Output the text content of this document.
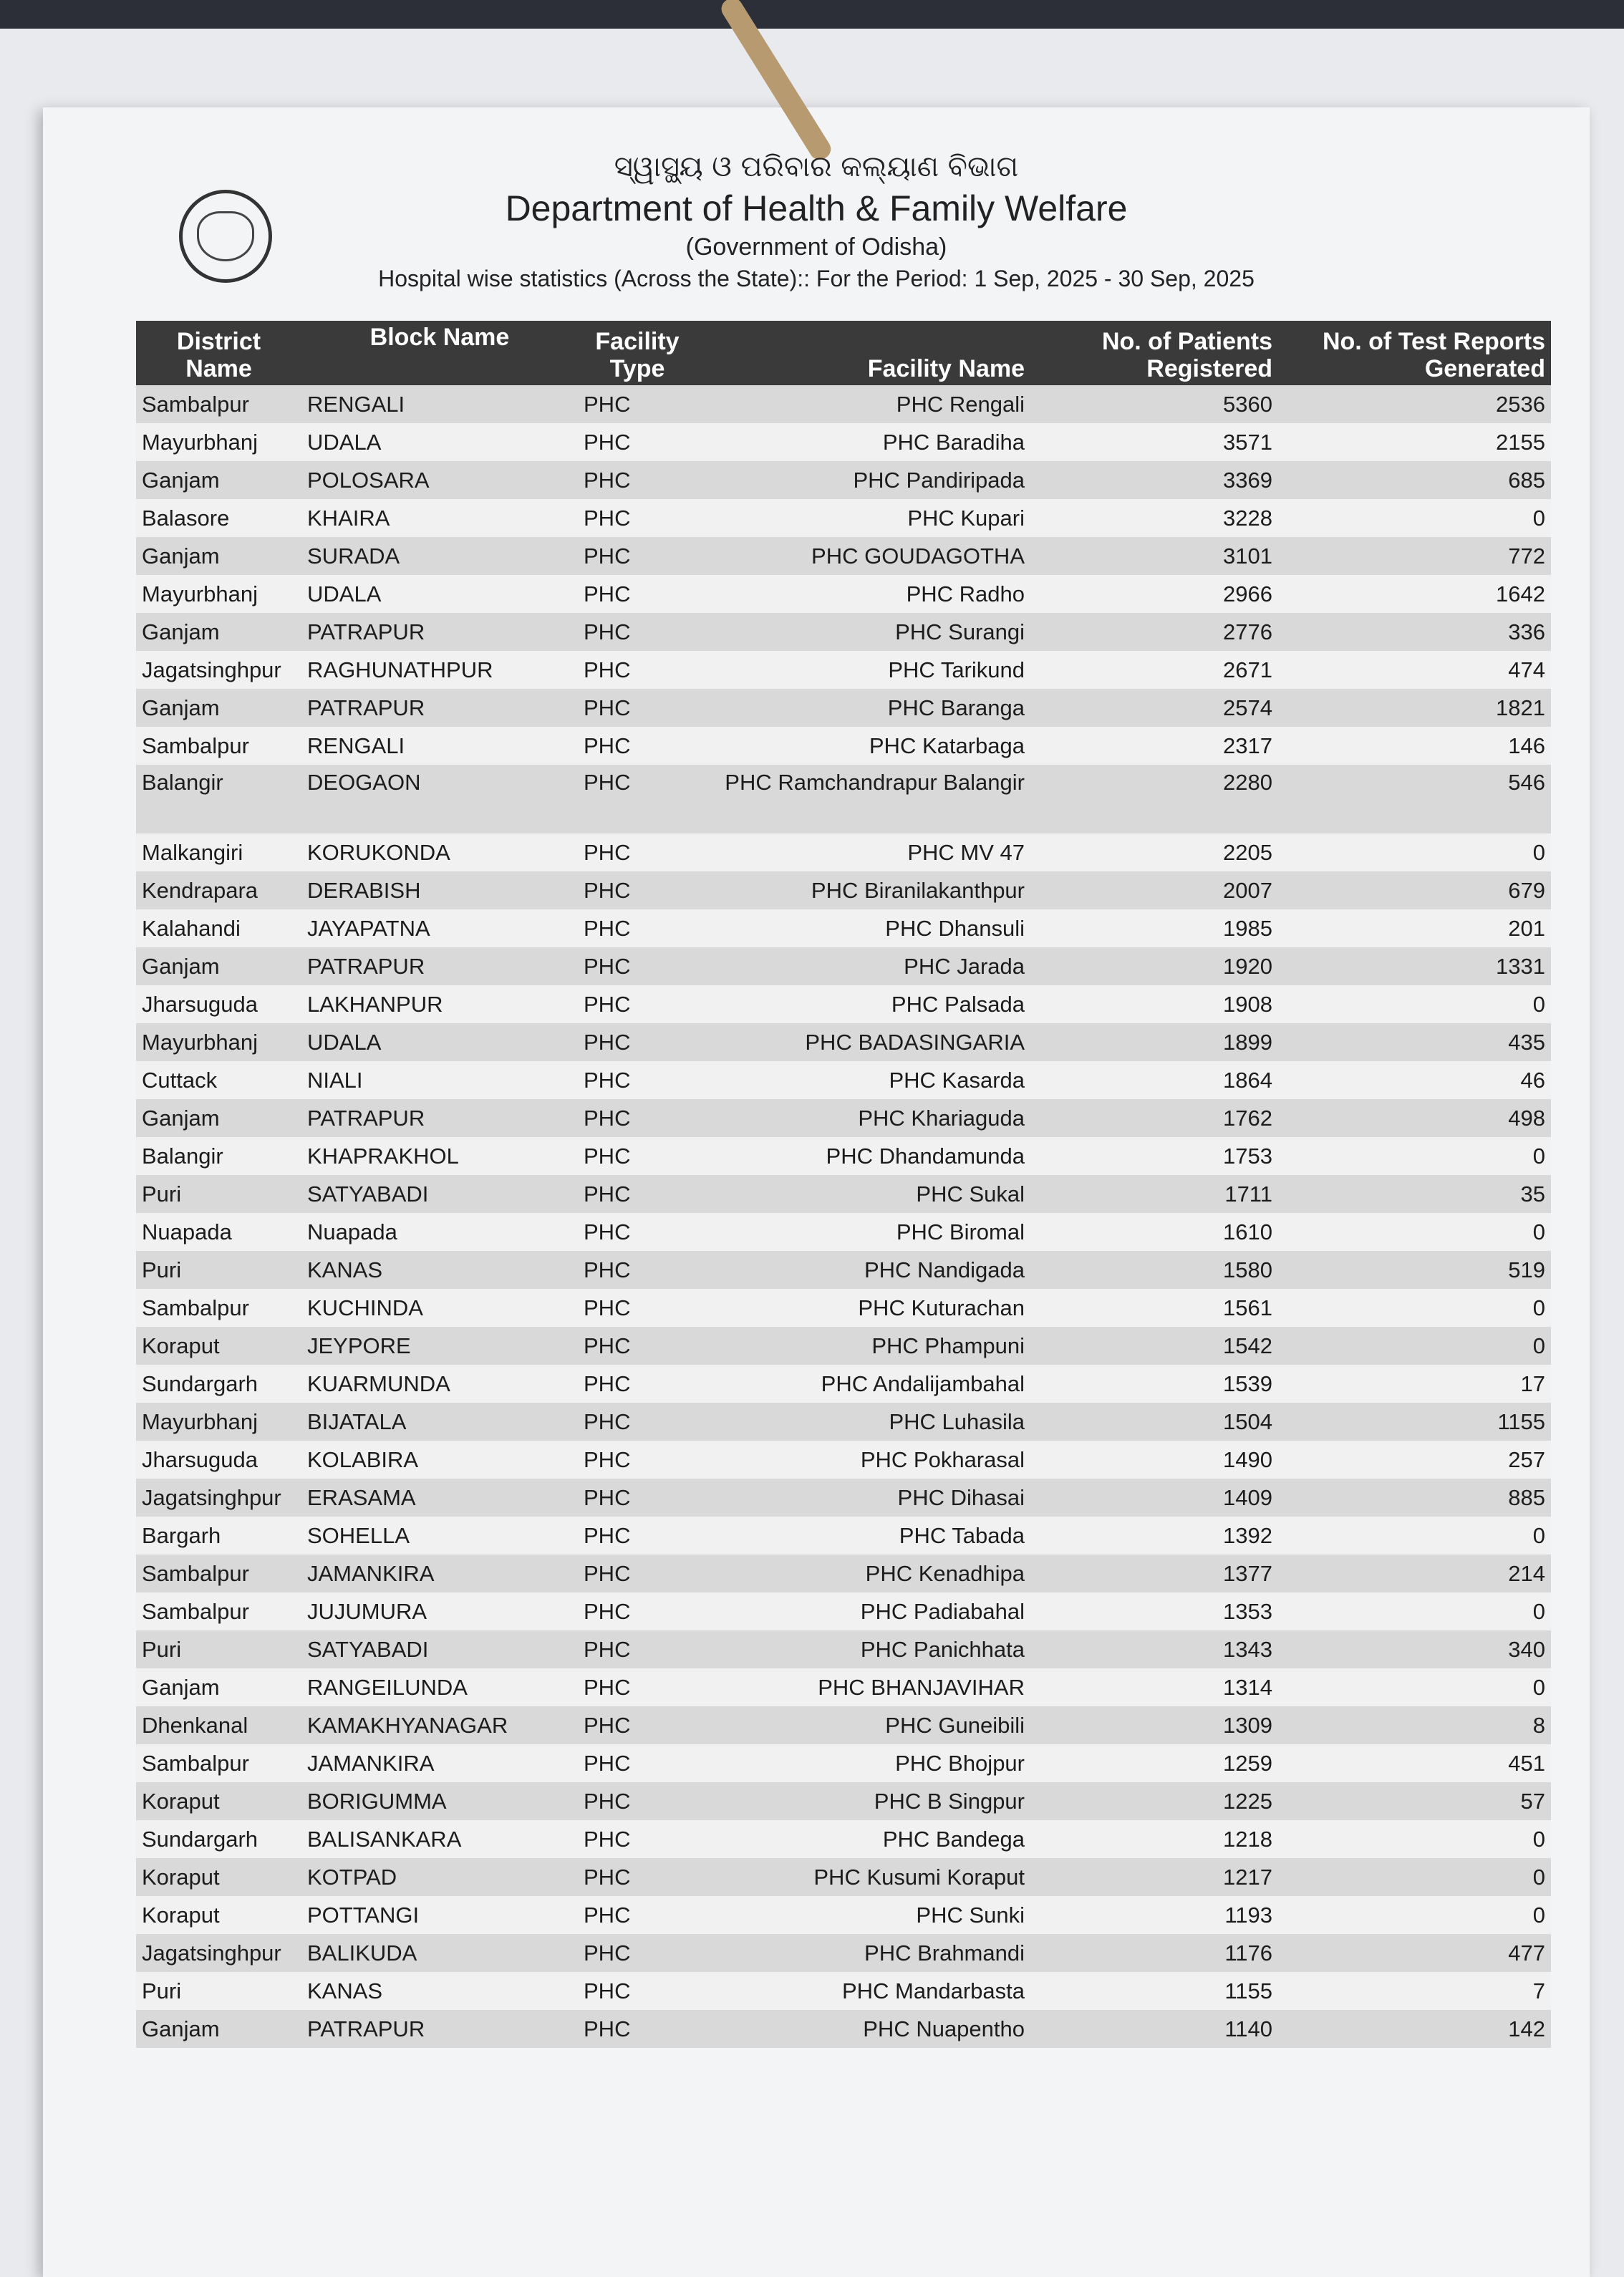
ସ୍ୱାସ୍ଥ୍ୟ ଓ ପରିବାର କଲ୍ୟାଣ ବିଭାଗ
Department of Health & Family Welfare
(Government of Odisha)
Hospital wise statistics (Across the State):: For the Period: 1 Sep, 2025 - 30 Sep, 2025
District Name	Block Name	Facility Type	Facility Name	No. of Patients Registered	No. of Test Reports Generated
Sambalpur	RENGALI	PHC	PHC Rengali	5360	2536
Mayurbhanj	UDALA	PHC	PHC Baradiha	3571	2155
Ganjam	POLOSARA	PHC	PHC Pandiripada	3369	685
Balasore	KHAIRA	PHC	PHC Kupari	3228	0
Ganjam	SURADA	PHC	PHC GOUDAGOTHA	3101	772
Mayurbhanj	UDALA	PHC	PHC Radho	2966	1642
Ganjam	PATRAPUR	PHC	PHC Surangi	2776	336
Jagatsinghpur	RAGHUNATHPUR	PHC	PHC Tarikund	2671	474
Ganjam	PATRAPUR	PHC	PHC Baranga	2574	1821
Sambalpur	RENGALI	PHC	PHC Katarbaga	2317	146
Balangir	DEOGAON	PHC	PHC Ramchandrapur Balangir	2280	546
Malkangiri	KORUKONDA	PHC	PHC MV 47	2205	0
Kendrapara	DERABISH	PHC	PHC Biranilakanthpur	2007	679
Kalahandi	JAYAPATNA	PHC	PHC Dhansuli	1985	201
Ganjam	PATRAPUR	PHC	PHC Jarada	1920	1331
Jharsuguda	LAKHANPUR	PHC	PHC Palsada	1908	0
Mayurbhanj	UDALA	PHC	PHC BADASINGARIA	1899	435
Cuttack	NIALI	PHC	PHC Kasarda	1864	46
Ganjam	PATRAPUR	PHC	PHC Khariaguda	1762	498
Balangir	KHAPRAKHOL	PHC	PHC Dhandamunda	1753	0
Puri	SATYABADI	PHC	PHC Sukal	1711	35
Nuapada	Nuapada	PHC	PHC Biromal	1610	0
Puri	KANAS	PHC	PHC Nandigada	1580	519
Sambalpur	KUCHINDA	PHC	PHC Kuturachan	1561	0
Koraput	JEYPORE	PHC	PHC Phampuni	1542	0
Sundargarh	KUARMUNDA	PHC	PHC Andalijambahal	1539	17
Mayurbhanj	BIJATALA	PHC	PHC Luhasila	1504	1155
Jharsuguda	KOLABIRA	PHC	PHC Pokharasal	1490	257
Jagatsinghpur	ERASAMA	PHC	PHC Dihasai	1409	885
Bargarh	SOHELLA	PHC	PHC Tabada	1392	0
Sambalpur	JAMANKIRA	PHC	PHC Kenadhipa	1377	214
Sambalpur	JUJUMURA	PHC	PHC Padiabahal	1353	0
Puri	SATYABADI	PHC	PHC Panichhata	1343	340
Ganjam	RANGEILUNDA	PHC	PHC BHANJAVIHAR	1314	0
Dhenkanal	KAMAKHYANAGAR	PHC	PHC Guneibili	1309	8
Sambalpur	JAMANKIRA	PHC	PHC Bhojpur	1259	451
Koraput	BORIGUMMA	PHC	PHC B Singpur	1225	57
Sundargarh	BALISANKARA	PHC	PHC Bandega	1218	0
Koraput	KOTPAD	PHC	PHC Kusumi Koraput	1217	0
Koraput	POTTANGI	PHC	PHC Sunki	1193	0
Jagatsinghpur	BALIKUDA	PHC	PHC Brahmandi	1176	477
Puri	KANAS	PHC	PHC Mandarbasta	1155	7
Ganjam	PATRAPUR	PHC	PHC Nuapentho	1140	142
